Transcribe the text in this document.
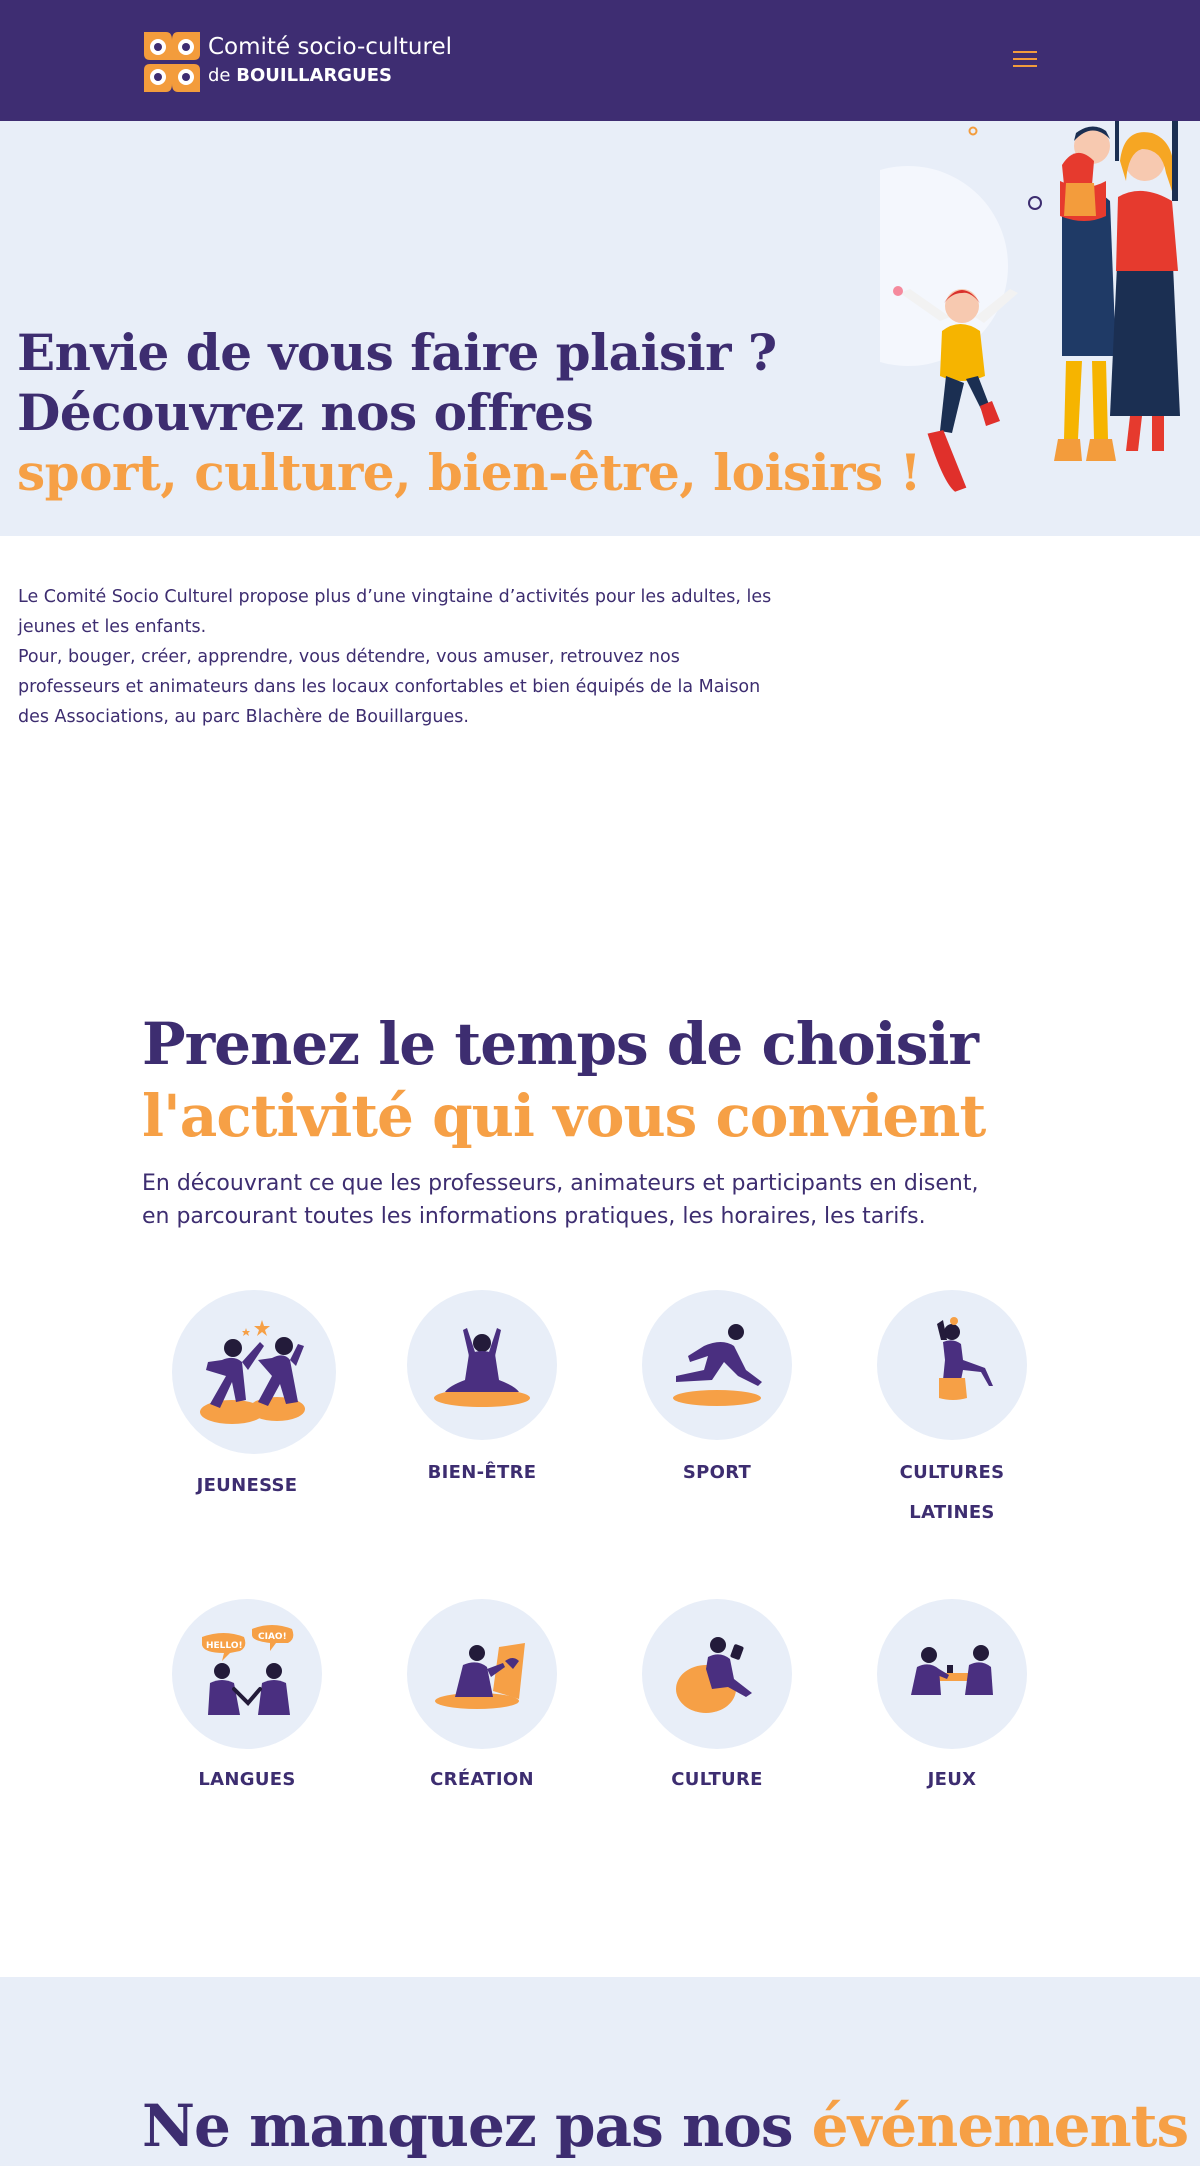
Comité socio-culturel
de BOUILLARGUES
Envie de vous faire plaisir ?
Découvrez nos offres
sport, culture, bien-être, loisirs !

Le Comité Socio Culturel propose plus d’une vingtaine d’activités pour les adultes, les jeunes et les enfants.

Pour, bouger, créer, apprendre, vous détendre, vous amuser, retrouvez nos professeurs et animateurs dans les locaux confortables et bien équipés de la Maison des Associations, au parc Blachère de Bouillargues.

Prenez le temps de choisir
l'activité qui vous convient
En découvrant ce que les professeurs, animateurs et participants en disent,
en parcourant toutes les informations pratiques, les horaires, les tarifs.
JEUNESSE
BIEN-ÊTRE	SPORT	CULTURES
LATINES
HELLO!
CIAO!
LANGUES	CRÉATION	CULTURE	JEUX
Ne manquez pas nos événements
